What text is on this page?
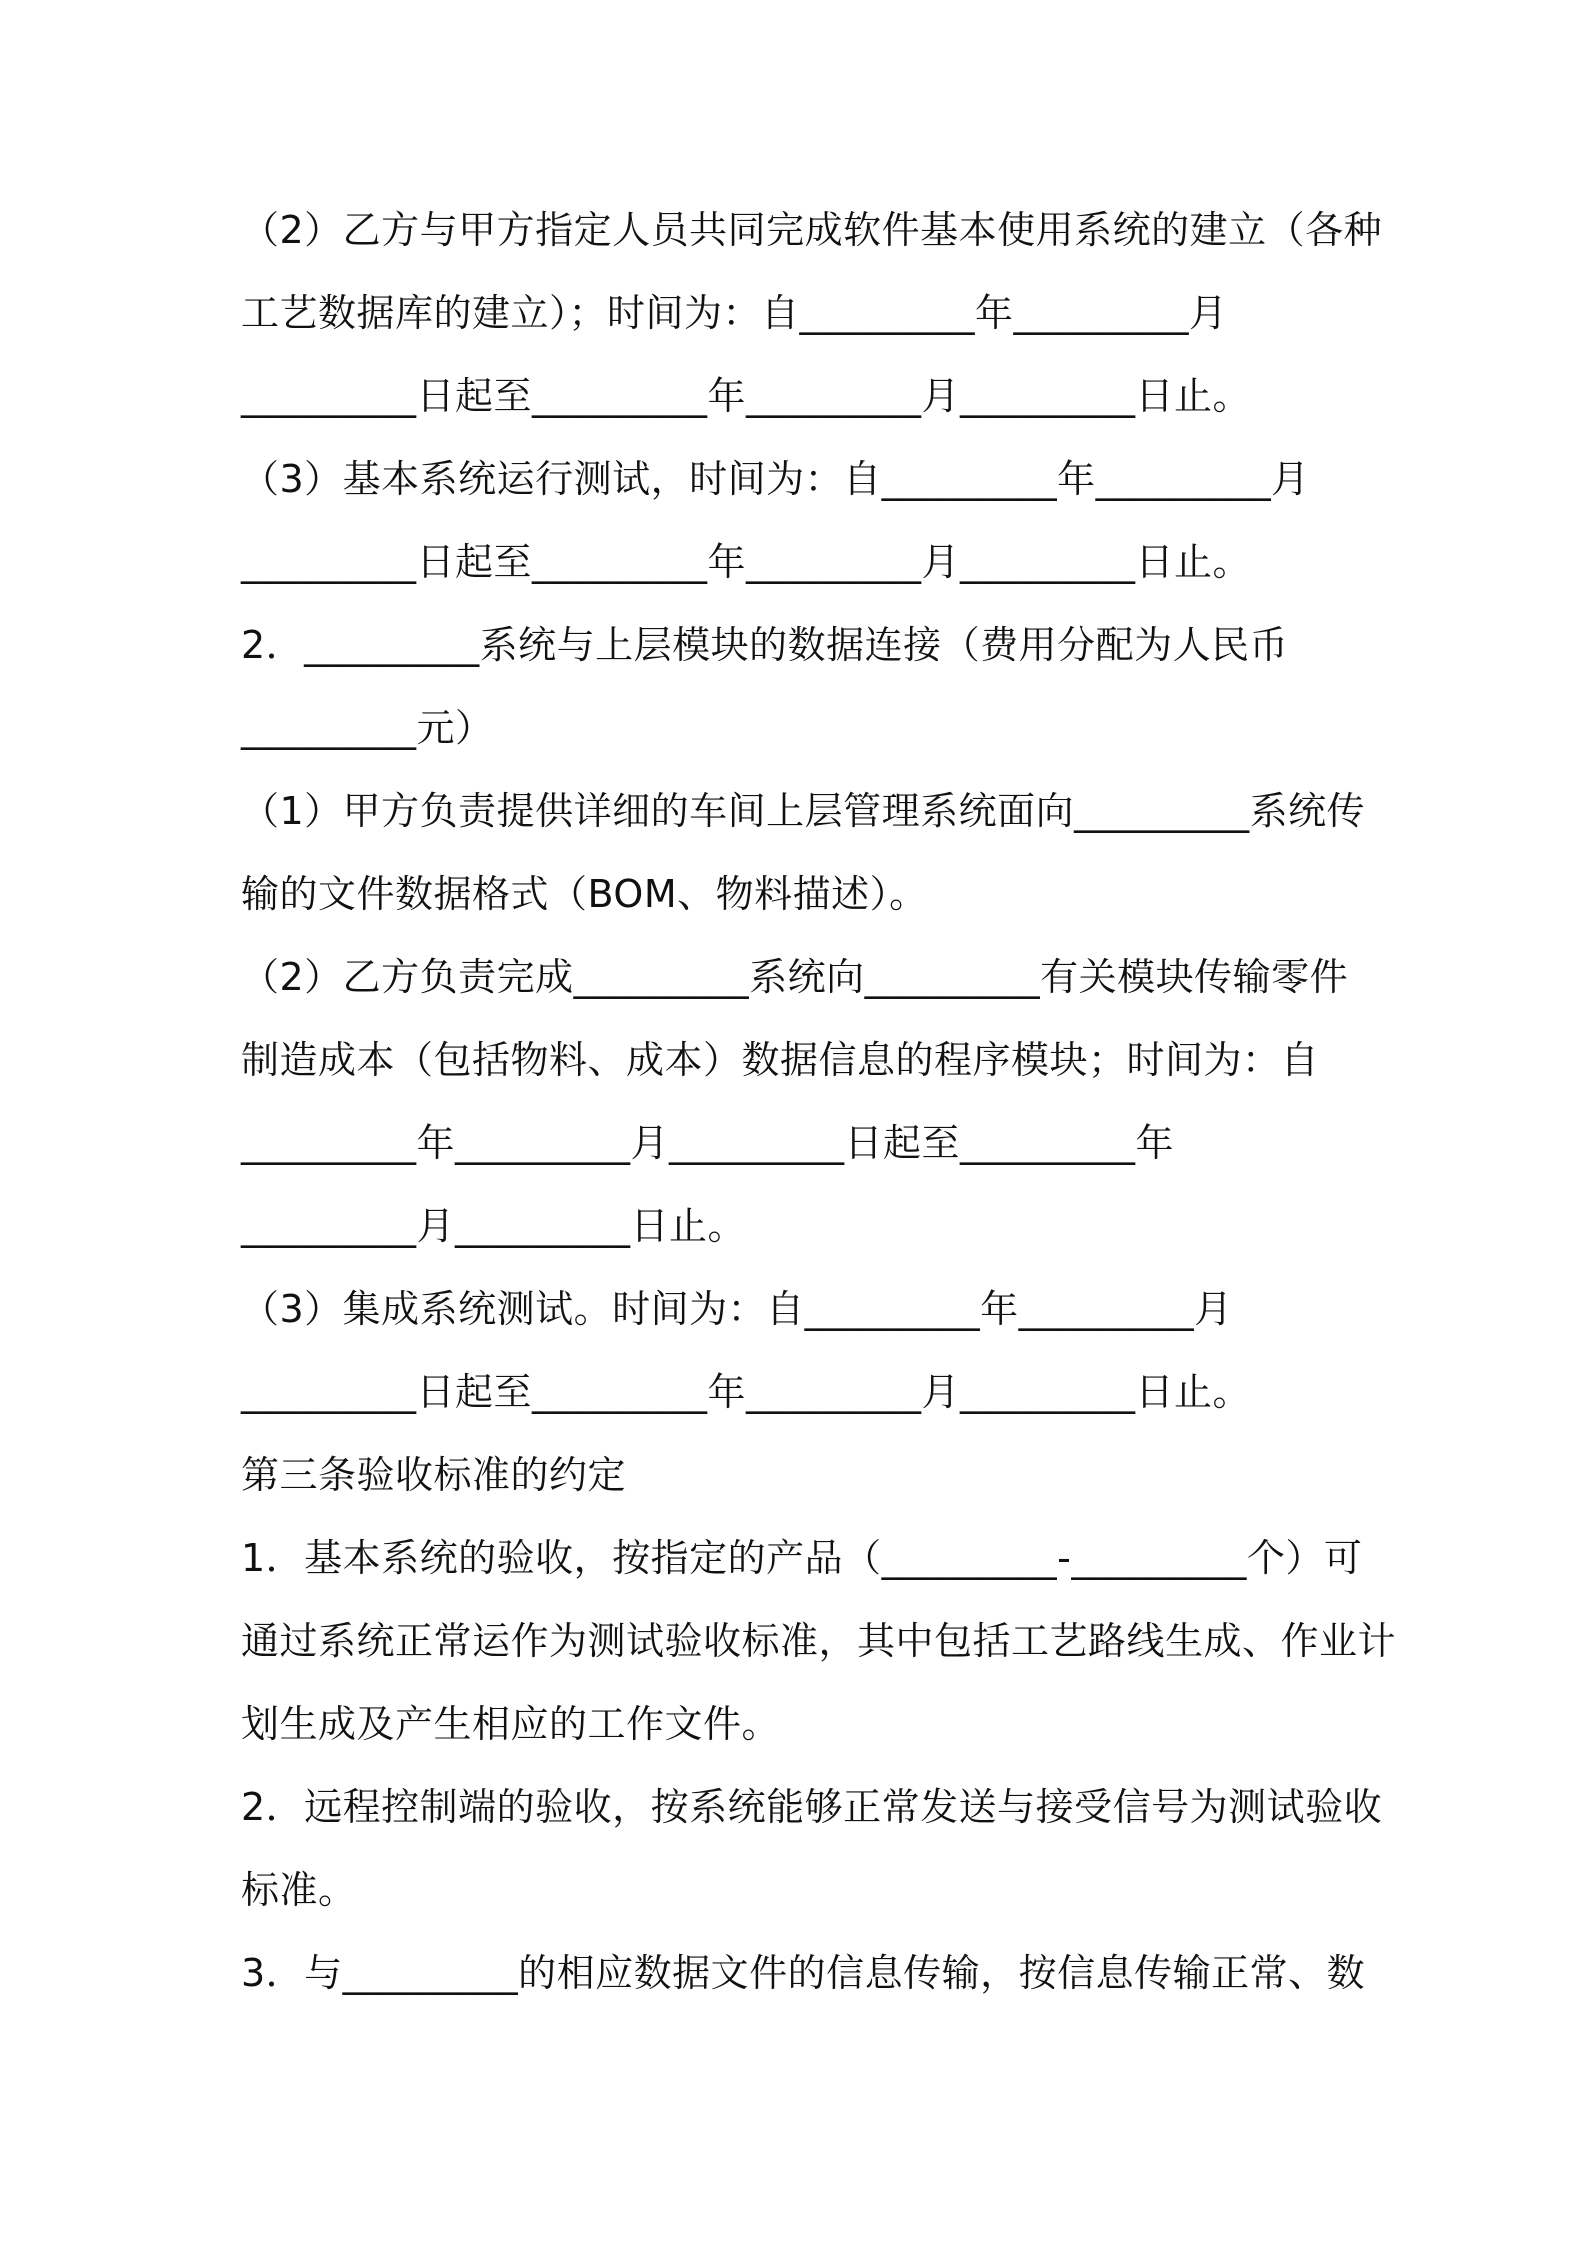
（2）乙方与甲方指定人员共同完成软件基本使用系统的建立（各种
工艺数据库的建立）；时间为：自_________年_________月
_________日起至_________年_________月_________日止。
（3）基本系统运行测试，时间为：自_________年_________月
_________日起至_________年_________月_________日止。
2．_________系统与上层模块的数据连接（费用分配为人民币
_________元）
（1）甲方负责提供详细的车间上层管理系统面向_________系统传
输的文件数据格式（BOM、物料描述）。
（2）乙方负责完成_________系统向_________有关模块传输零件
制造成本（包括物料、成本）数据信息的程序模块；时间为：自
_________年_________月_________日起至_________年
_________月_________日止。
（3）集成系统测试。时间为：自_________年_________月
_________日起至_________年_________月_________日止。
第三条验收标准的约定
1．基本系统的验收，按指定的产品（_________-_________个）可
通过系统正常运作为测试验收标准，其中包括工艺路线生成、作业计
划生成及产生相应的工作文件。
2．远程控制端的验收，按系统能够正常发送与接受信号为测试验收
标准。
3．与_________的相应数据文件的信息传输，按信息传输正常、数
